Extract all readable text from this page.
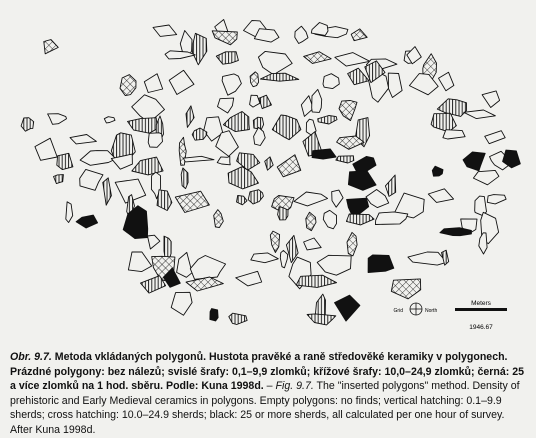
Grid	North
Meters
1946.67
Obr. 9.7. Metoda vkládaných polygonů. Hustota pravěké a raně středověké keramiky v polygonech. Prázdné polygony: bez nálezů; svislé šrafy: 0,1–9,9 zlomků; křížové šrafy: 10,0–24,9 zlomků; černá: 25 a více zlomků na 1 hod. sběru. Podle: Kuna 1998d. – Fig. 9.7. The "inserted polygons" method. Density of prehistoric and Early Medieval ceramics in polygons. Empty polygons: no finds; vertical hatching: 0.1–9.9 sherds; cross hatching: 10.0–24.9 sherds; black: 25 or more sherds, all calculated per one hour of survey. After Kuna 1998d.
